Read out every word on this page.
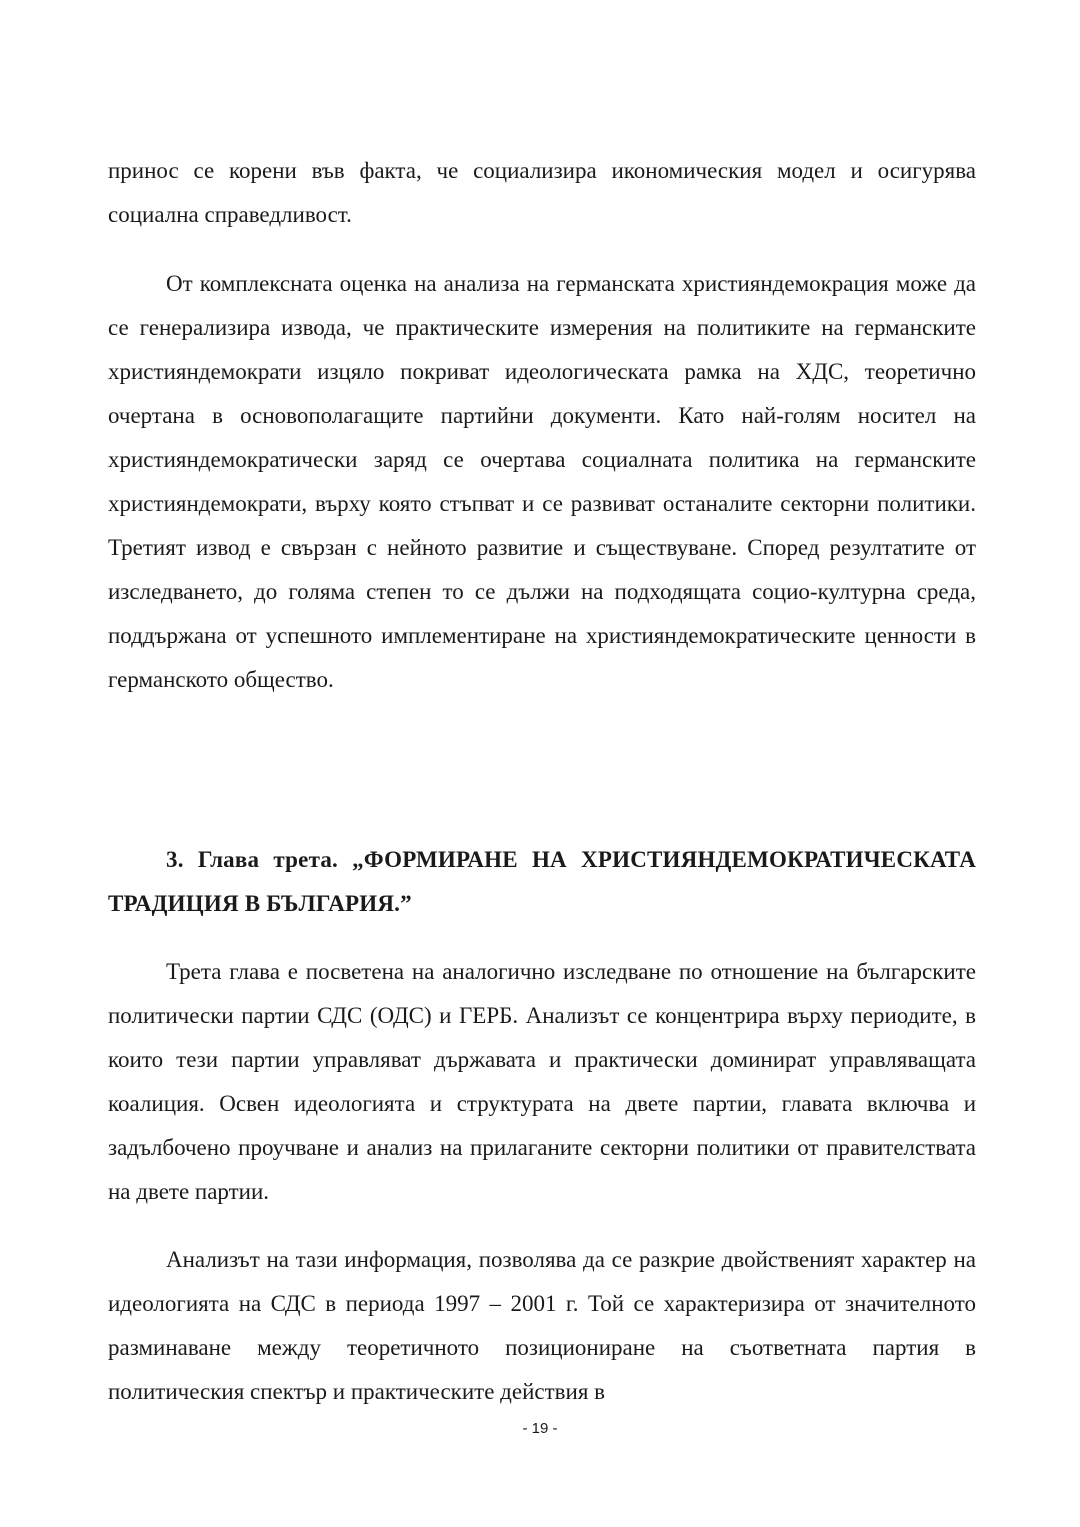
принос се корени във факта, че социализира икономическия модел и осигурява социална справедливост.

От комплексната оценка на анализа на германската християндемокрация може да се генерализира извода, че практическите измерения на политиките на германските християндемократи изцяло покриват идеологическата рамка на ХДС, теоретично очертана в основополагащите партийни документи. Като най-голям носител на християндемократически заряд се очертава социалната политика на германските християндемократи, върху която стъпват и се развиват останалите секторни политики. Третият извод е свързан с нейното развитие и съществуване. Според резултатите от изследването, до голяма степен то се дължи на подходящата социо-културна среда, поддържана от успешното имплементиране на християндемократическите ценности в германското общество.

3. Глава трета. „ФОРМИРАНЕ НА ХРИСТИЯНДЕМОКРАТИЧЕСКАТА ТРАДИЦИЯ В БЪЛГАРИЯ.”

Трета глава е посветена на аналогично изследване по отношение на българските политически партии СДС (ОДС) и ГЕРБ. Анализът се концентрира върху периодите, в които тези партии управляват държавата и практически доминират управляващата коалиция. Освен идеологията и структурата на двете партии, главата включва и задълбочено проучване и анализ на прилаганите секторни политики от правителствата на двете партии.

Анализът на тази информация, позволява да се разкрие двойственият характер на идеологията на СДС в периода 1997 – 2001 г. Той се характеризира от значителното разминаване между теоретичното позициониране на съответната партия в политическия спектър и практическите действия в

- 19 -
